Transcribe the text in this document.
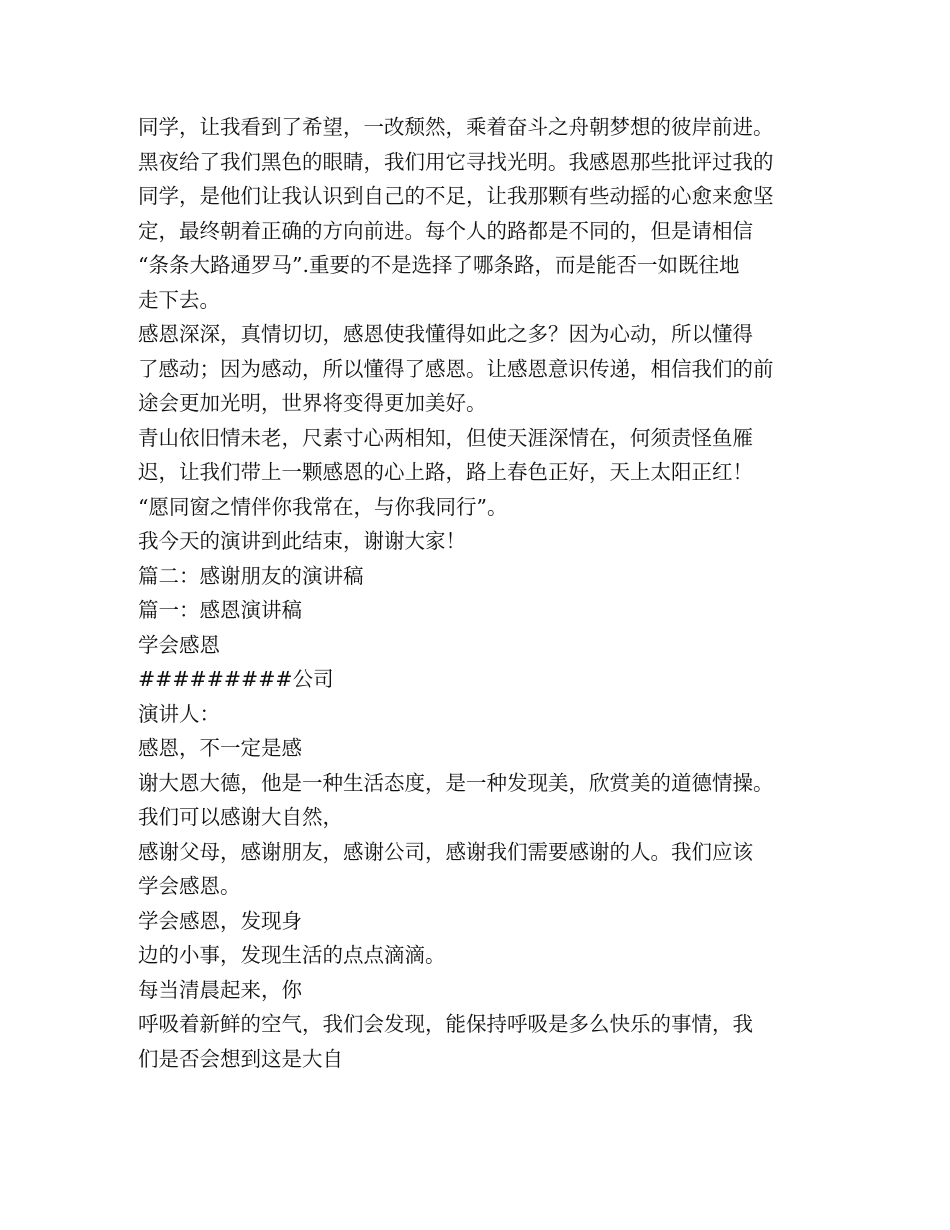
同学，让我看到了希望，一改颓然，乘着奋斗之舟朝梦想的彼岸前进。
黑夜给了我们黑色的眼睛，我们用它寻找光明。我感恩那些批评过我的
同学，是他们让我认识到自己的不足，让我那颗有些动摇的心愈来愈坚
定，最终朝着正确的方向前进。每个人的路都是不同的，但是请相信
“条条大路通罗马”.重要的不是选择了哪条路，而是能否一如既往地
走下去。
感恩深深，真情切切，感恩使我懂得如此之多？因为心动，所以懂得
了感动；因为感动，所以懂得了感恩。让感恩意识传递，相信我们的前
途会更加光明，世界将变得更加美好。
青山依旧情未老，尺素寸心两相知，但使天涯深情在，何须责怪鱼雁
迟，让我们带上一颗感恩的心上路，路上春色正好，天上太阳正红！
“愿同窗之情伴你我常在，与你我同行”。
我今天的演讲到此结束，谢谢大家！
篇二：感谢朋友的演讲稿
篇一：感恩演讲稿
学会感恩
#########公司
演讲人：
感恩，不一定是感
谢大恩大德，他是一种生活态度，是一种发现美，欣赏美的道德情操。
我们可以感谢大自然，
感谢父母，感谢朋友，感谢公司，感谢我们需要感谢的人。我们应该
学会感恩。
学会感恩，发现身
边的小事，发现生活的点点滴滴。
每当清晨起来，你
呼吸着新鲜的空气，我们会发现，能保持呼吸是多么快乐的事情，我
们是否会想到这是大自
